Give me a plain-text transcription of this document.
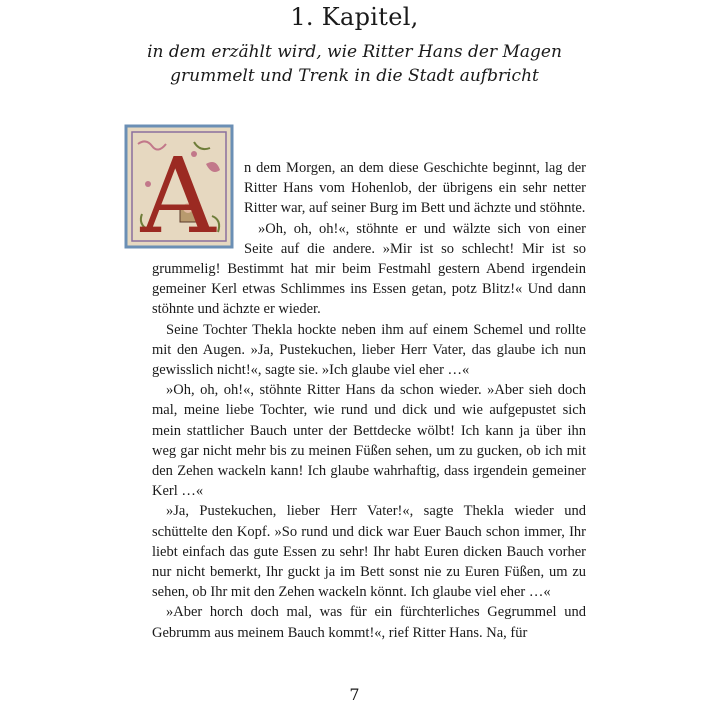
1. Kapitel,
in dem erzählt wird, wie Ritter Hans der Magen
grummelt und Trenk in die Stadt aufbricht
A	n dem Morgen, an dem diese Geschichte beginnt, lag der Ritter Hans vom Hohenlob, der übrigens ein sehr netter Ritter war, auf seiner Burg im Bett und ächzte und stöhnte.

»Oh, oh, oh!«, stöhnte er und wälzte sich von einer Seite auf die andere. »Mir ist so schlecht! Mir ist so grummelig! Bestimmt hat mir beim Festmahl gestern Abend irgendein gemeiner Kerl etwas Schlimmes ins Essen getan, potz Blitz!« Und dann stöhnte und ächzte er wieder.

Seine Tochter Thekla hockte neben ihm auf einem Schemel und rollte mit den Augen. »Ja, Pustekuchen, lieber Herr Vater, das glaube ich nun gewisslich nicht!«, sagte sie. »Ich glaube viel eher …«

»Oh, oh, oh!«, stöhnte Ritter Hans da schon wieder. »Aber sieh doch mal, meine liebe Tochter, wie rund und dick und wie aufgepustet sich mein stattlicher Bauch unter der Bettdecke wölbt! Ich kann ja über ihn weg gar nicht mehr bis zu meinen Füßen sehen, um zu gucken, ob ich mit den Zehen wackeln kann! Ich glaube wahrhaftig, dass irgendein gemeiner Kerl …«

»Ja, Pustekuchen, lieber Herr Vater!«, sagte Thekla wieder und schüttelte den Kopf. »So rund und dick war Euer Bauch schon immer, Ihr liebt einfach das gute Essen zu sehr! Ihr habt Euren dicken Bauch vorher nur nicht bemerkt, Ihr guckt ja im Bett sonst nie zu Euren Füßen, um zu sehen, ob Ihr mit den Zehen wackeln könnt. Ich glaube viel eher …«

»Aber horch doch mal, was für ein fürchterliches Gegrummel und Gebrumm aus meinem Bauch kommt!«, rief Ritter Hans. Na, für

7
